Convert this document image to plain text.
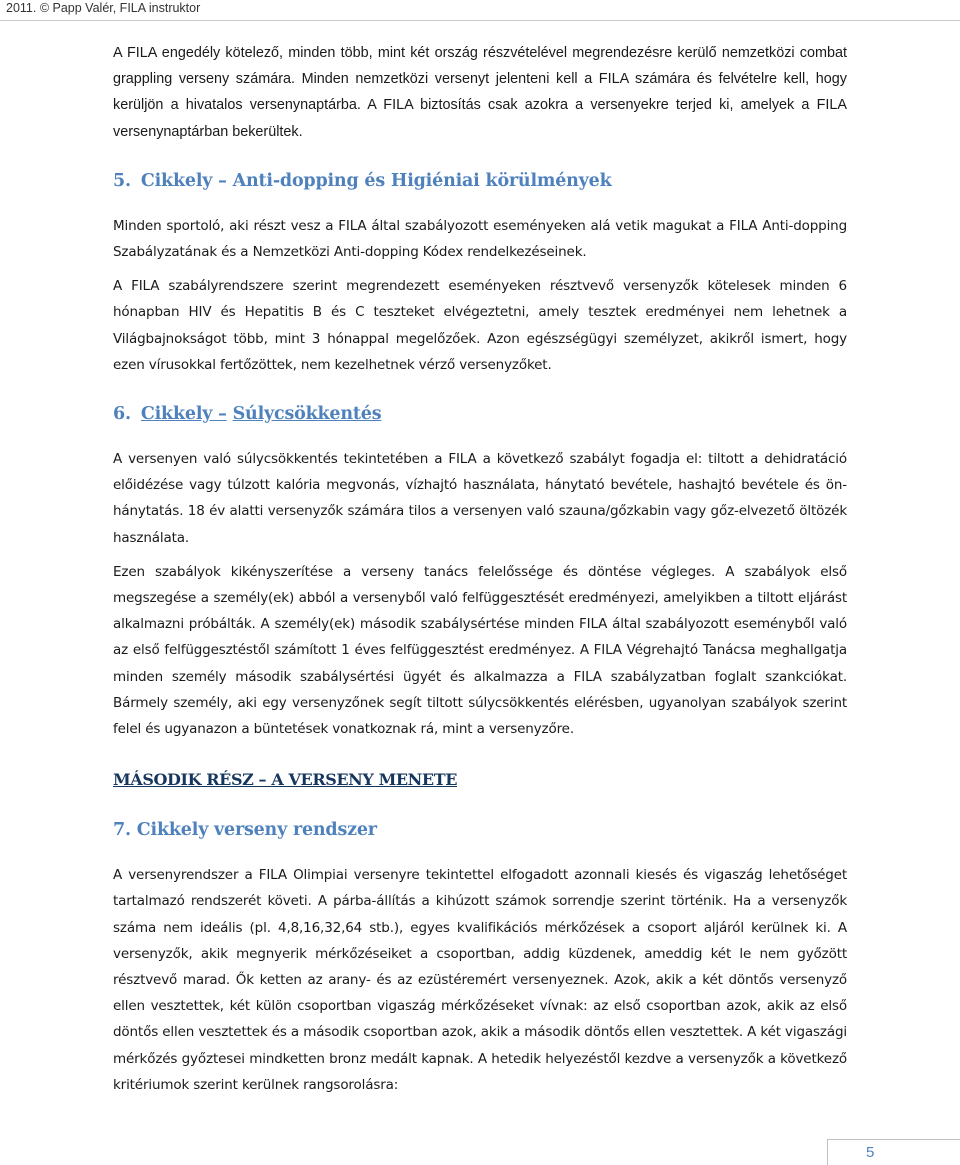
2011. © Papp Valér, FILA instruktor

A FILA engedély kötelező, minden több, mint két ország részvételével megrendezésre kerülő nemzetközi combat grappling verseny számára. Minden nemzetközi versenyt jelenteni kell a FILA számára és felvételre kell, hogy kerüljön a hivatalos versenynaptárba. A FILA biztosítás csak azokra a versenyekre terjed ki, amelyek a FILA versenynaptárban bekerültek.

5. Cikkely – Anti-dopping és Higiéniai körülmények

Minden sportoló, aki részt vesz a FILA által szabályozott eseményeken alá vetik magukat a FILA Anti-dopping Szabályzatának és a Nemzetközi Anti-dopping Kódex rendelkezéseinek.

A FILA szabályrendszere szerint megrendezett eseményeken résztvevő versenyzők kötelesek minden 6 hónapban HIV és Hepatitis B és C teszteket elvégeztetni, amely tesztek eredményei nem lehetnek a Világbajnokságot több, mint 3 hónappal megelőzőek. Azon egészségügyi személyzet, akikről ismert, hogy ezen vírusokkal fertőzöttek, nem kezelhetnek vérző versenyzőket.

6. Cikkely – Súlycsökkentés

A versenyen való súlycsökkentés tekintetében a FILA a következő szabályt fogadja el: tiltott a dehidratáció előidézése vagy túlzott kalória megvonás, vízhajtó használata, hánytató bevétele, hashajtó bevétele és ön-hánytatás. 18 év alatti versenyzők számára tilos a versenyen való szauna/gőzkabin vagy gőz-elvezető öltözék használata.

Ezen szabályok kikényszerítése a verseny tanács felelőssége és döntése végleges. A szabályok első megszegése a személy(ek) abból a versenyből való felfüggesztését eredményezi, amelyikben a tiltott eljárást alkalmazni próbálták. A személy(ek) második szabálysértése minden FILA által szabályozott eseményből való az első felfüggesztéstől számított 1 éves felfüggesztést eredményez. A FILA Végrehajtó Tanácsa meghallgatja minden személy második szabálysértési ügyét és alkalmazza a FILA szabályzatban foglalt szankciókat. Bármely személy, aki egy versenyzőnek segít tiltott súlycsökkentés elérésben, ugyanolyan szabályok szerint felel és ugyanazon a büntetések vonatkoznak rá, mint a versenyzőre.

MÁSODIK RÉSZ – A VERSENY MENETE
7. Cikkely verseny rendszer

A versenyrendszer a FILA Olimpiai versenyre tekintettel elfogadott azonnali kiesés és vigaszág lehetőséget tartalmazó rendszerét követi. A párba-állítás a kihúzott számok sorrendje szerint történik. Ha a versenyzők száma nem ideális (pl. 4,8,16,32,64 stb.), egyes kvalifikációs mérkőzések a csoport aljáról kerülnek ki. A versenyzők, akik megnyerik mérkőzéseiket a csoportban, addig küzdenek, ameddig két le nem győzött résztvevő marad. Ők ketten az arany- és az ezüstéremért versenyeznek. Azok, akik a két döntős versenyző ellen vesztettek, két külön csoportban vigaszág mérkőzéseket vívnak: az első csoportban azok, akik az első döntős ellen vesztettek és a második csoportban azok, akik a második döntős ellen vesztettek. A két vigaszági mérkőzés győztesei mindketten bronz medált kapnak. A hetedik helyezéstől kezdve a versenyzők a következő kritériumok szerint kerülnek rangsorolásra:

5
